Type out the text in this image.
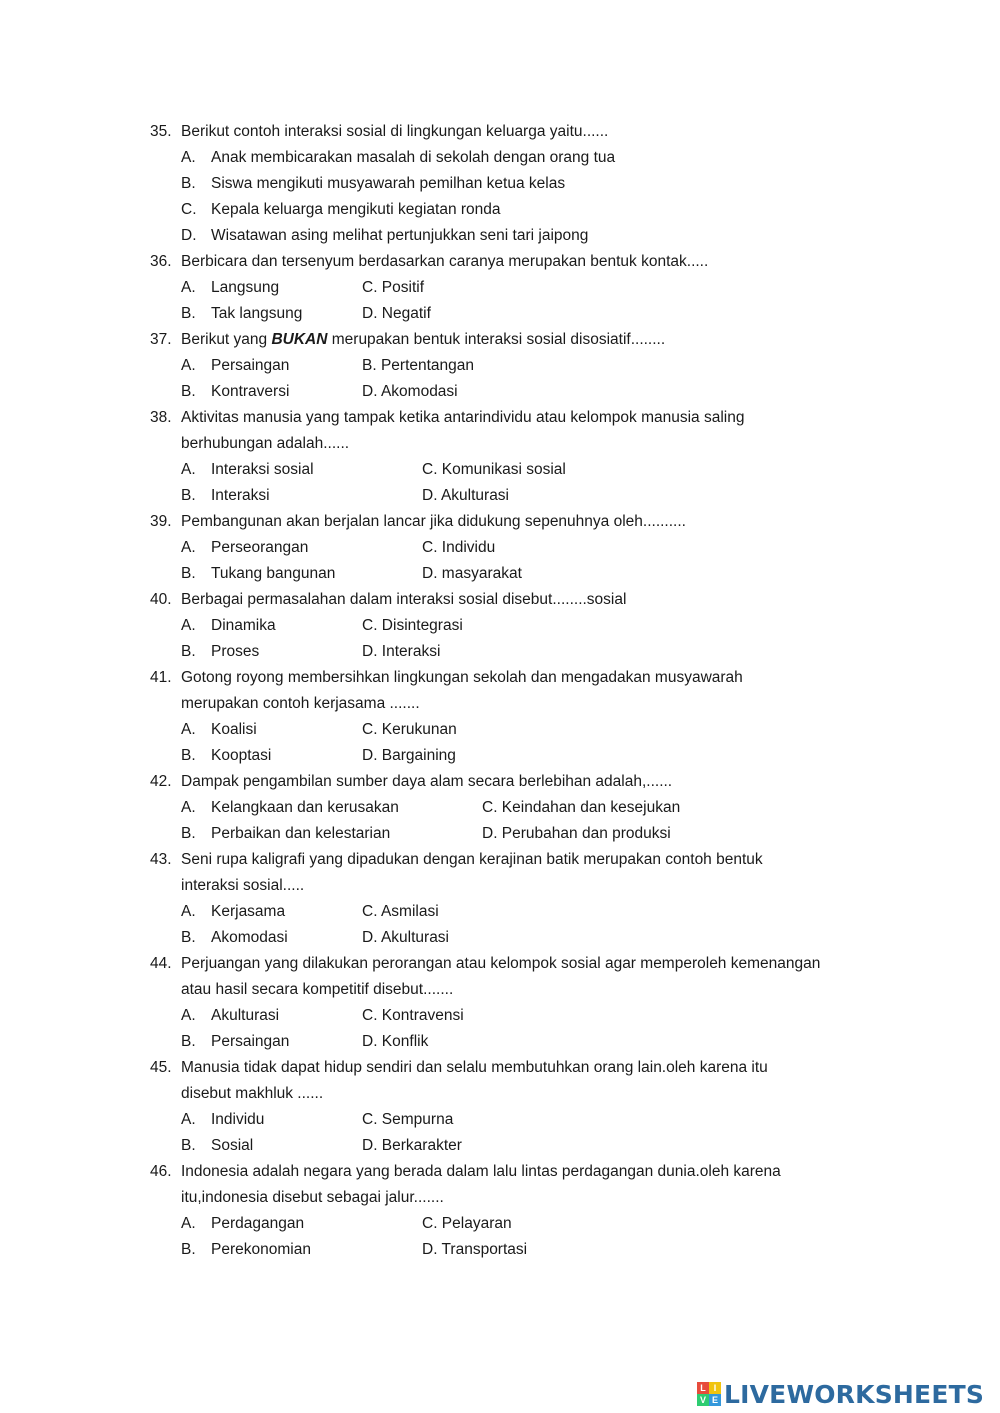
35. Berikut contoh interaksi sosial di lingkungan keluarga yaitu......
A. Anak membicarakan masalah di sekolah dengan orang tua
B. Siswa mengikuti musyawarah pemilhan ketua kelas
C. Kepala keluarga mengikuti kegiatan ronda
D. Wisatawan asing melihat pertunjukkan seni tari jaipong
36. Berbicara dan tersenyum berdasarkan caranya merupakan bentuk kontak.....
A. Langsung	C. Positif
B. Tak langsung	D. Negatif
37. Berikut yang BUKAN merupakan bentuk interaksi sosial disosiatif........
A. Persaingan	B. Pertentangan
B. Kontraversi	D. Akomodasi
38. Aktivitas manusia yang tampak ketika antarindividu atau kelompok manusia saling
berhubungan adalah......
A. Interaksi sosial	C. Komunikasi sosial
B. Interaksi	D. Akulturasi
39. Pembangunan akan berjalan lancar jika didukung sepenuhnya oleh..........
A. Perseorangan	C. Individu
B. Tukang bangunan	D. masyarakat
40. Berbagai permasalahan dalam interaksi sosial disebut........sosial
A. Dinamika	C. Disintegrasi
B. Proses	D. Interaksi
41. Gotong royong membersihkan lingkungan sekolah dan mengadakan musyawarah
merupakan contoh kerjasama .......
A. Koalisi	C. Kerukunan
B. Kooptasi	D. Bargaining
42. Dampak pengambilan sumber daya alam secara berlebihan adalah,......
A. Kelangkaan dan kerusakan	C. Keindahan dan kesejukan
B. Perbaikan dan kelestarian	D. Perubahan dan produksi
43. Seni rupa kaligrafi yang dipadukan dengan kerajinan batik merupakan contoh bentuk
interaksi sosial.....
A. Kerjasama	C. Asmilasi
B. Akomodasi	D. Akulturasi
44. Perjuangan yang dilakukan perorangan atau kelompok sosial agar memperoleh kemenangan
atau hasil secara kompetitif disebut.......
A. Akulturasi	C. Kontravensi
B. Persaingan	D. Konflik
45. Manusia tidak dapat hidup sendiri dan selalu membutuhkan orang lain.oleh karena itu
disebut makhluk ......
A. Individu	C. Sempurna
B. Sosial	D. Berkarakter
46. Indonesia adalah negara yang berada dalam lalu lintas perdagangan dunia.oleh karena
itu,indonesia disebut sebagai jalur.......
A. Perdagangan	C. Pelayaran
B. Perekonomian	D. Transportasi
L I
V E LIVEWORKSHEETS
